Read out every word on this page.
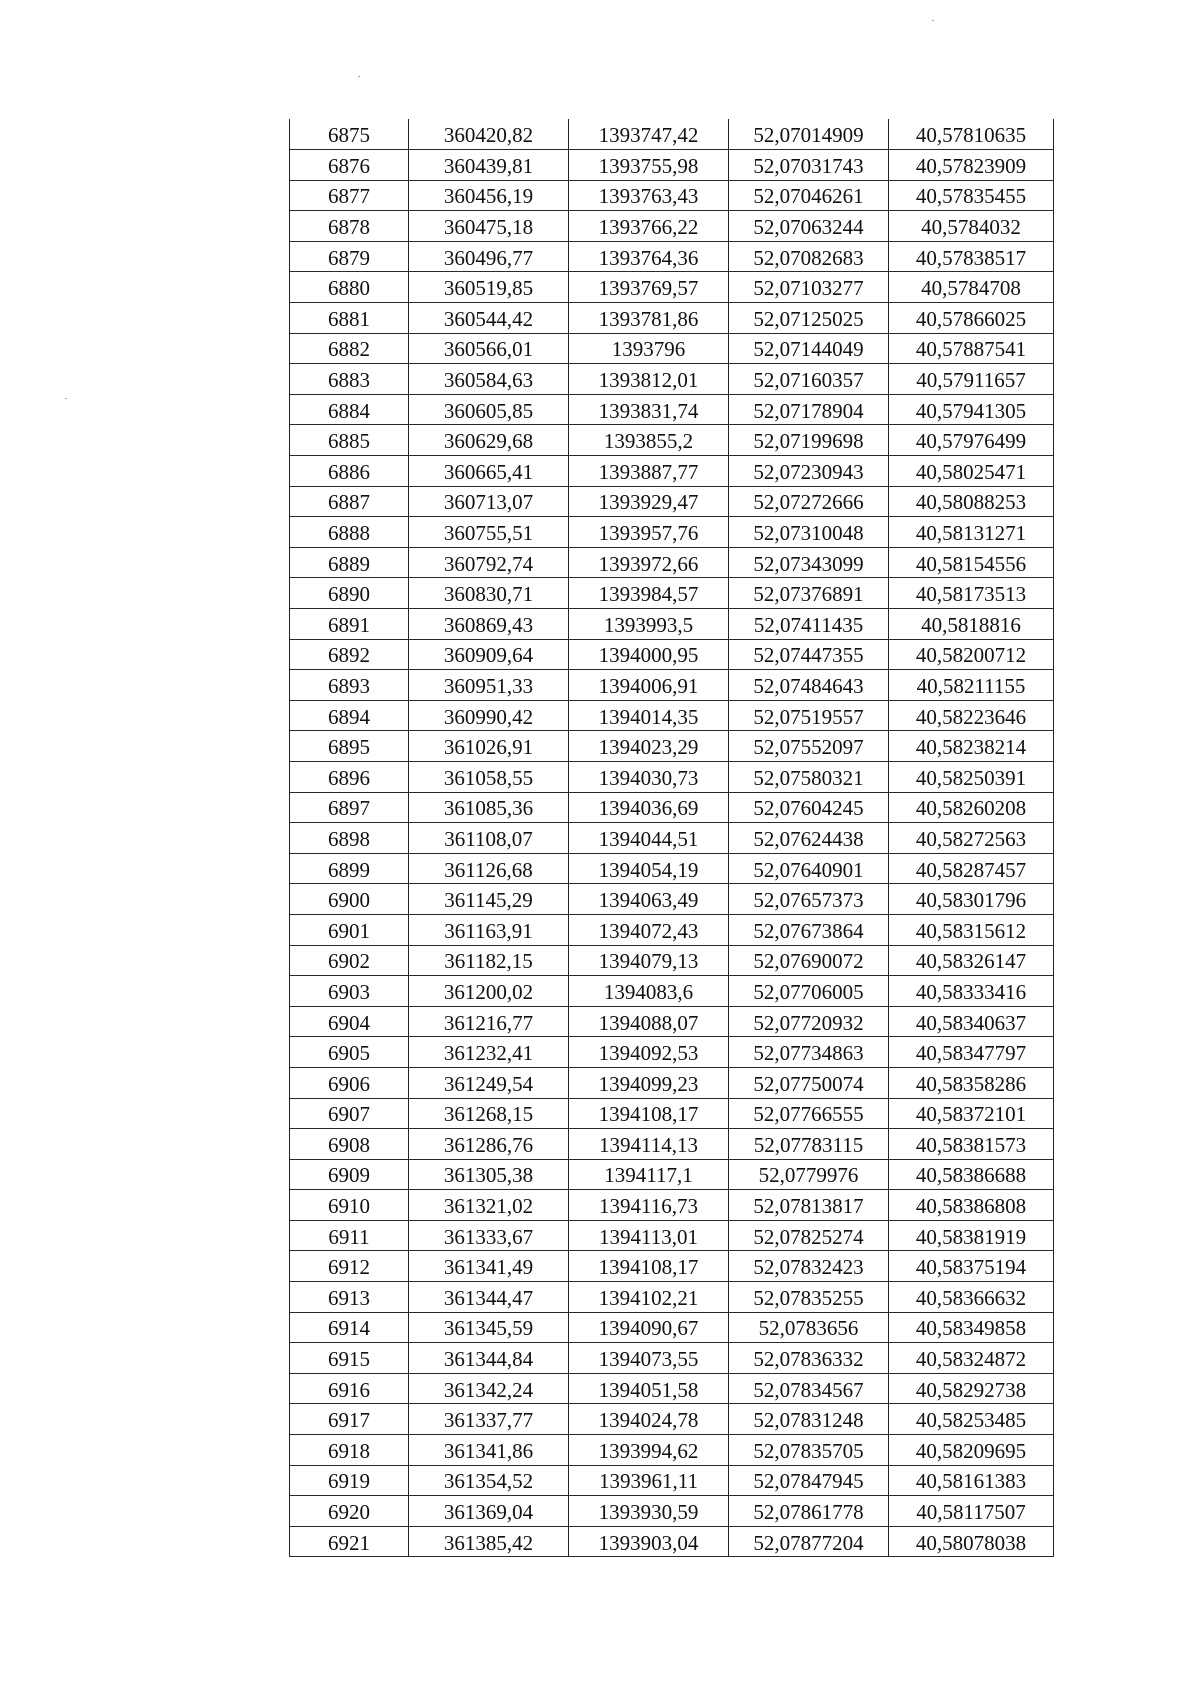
6875	360420,82	1393747,42	52,07014909	40,57810635
6876	360439,81	1393755,98	52,07031743	40,57823909
6877	360456,19	1393763,43	52,07046261	40,57835455
6878	360475,18	1393766,22	52,07063244	40,5784032
6879	360496,77	1393764,36	52,07082683	40,57838517
6880	360519,85	1393769,57	52,07103277	40,5784708
6881	360544,42	1393781,86	52,07125025	40,57866025
6882	360566,01	1393796	52,07144049	40,57887541
6883	360584,63	1393812,01	52,07160357	40,57911657
6884	360605,85	1393831,74	52,07178904	40,57941305
6885	360629,68	1393855,2	52,07199698	40,57976499
6886	360665,41	1393887,77	52,07230943	40,58025471
6887	360713,07	1393929,47	52,07272666	40,58088253
6888	360755,51	1393957,76	52,07310048	40,58131271
6889	360792,74	1393972,66	52,07343099	40,58154556
6890	360830,71	1393984,57	52,07376891	40,58173513
6891	360869,43	1393993,5	52,07411435	40,5818816
6892	360909,64	1394000,95	52,07447355	40,58200712
6893	360951,33	1394006,91	52,07484643	40,58211155
6894	360990,42	1394014,35	52,07519557	40,58223646
6895	361026,91	1394023,29	52,07552097	40,58238214
6896	361058,55	1394030,73	52,07580321	40,58250391
6897	361085,36	1394036,69	52,07604245	40,58260208
6898	361108,07	1394044,51	52,07624438	40,58272563
6899	361126,68	1394054,19	52,07640901	40,58287457
6900	361145,29	1394063,49	52,07657373	40,58301796
6901	361163,91	1394072,43	52,07673864	40,58315612
6902	361182,15	1394079,13	52,07690072	40,58326147
6903	361200,02	1394083,6	52,07706005	40,58333416
6904	361216,77	1394088,07	52,07720932	40,58340637
6905	361232,41	1394092,53	52,07734863	40,58347797
6906	361249,54	1394099,23	52,07750074	40,58358286
6907	361268,15	1394108,17	52,07766555	40,58372101
6908	361286,76	1394114,13	52,07783115	40,58381573
6909	361305,38	1394117,1	52,0779976	40,58386688
6910	361321,02	1394116,73	52,07813817	40,58386808
6911	361333,67	1394113,01	52,07825274	40,58381919
6912	361341,49	1394108,17	52,07832423	40,58375194
6913	361344,47	1394102,21	52,07835255	40,58366632
6914	361345,59	1394090,67	52,0783656	40,58349858
6915	361344,84	1394073,55	52,07836332	40,58324872
6916	361342,24	1394051,58	52,07834567	40,58292738
6917	361337,77	1394024,78	52,07831248	40,58253485
6918	361341,86	1393994,62	52,07835705	40,58209695
6919	361354,52	1393961,11	52,07847945	40,58161383
6920	361369,04	1393930,59	52,07861778	40,58117507
6921	361385,42	1393903,04	52,07877204	40,58078038
